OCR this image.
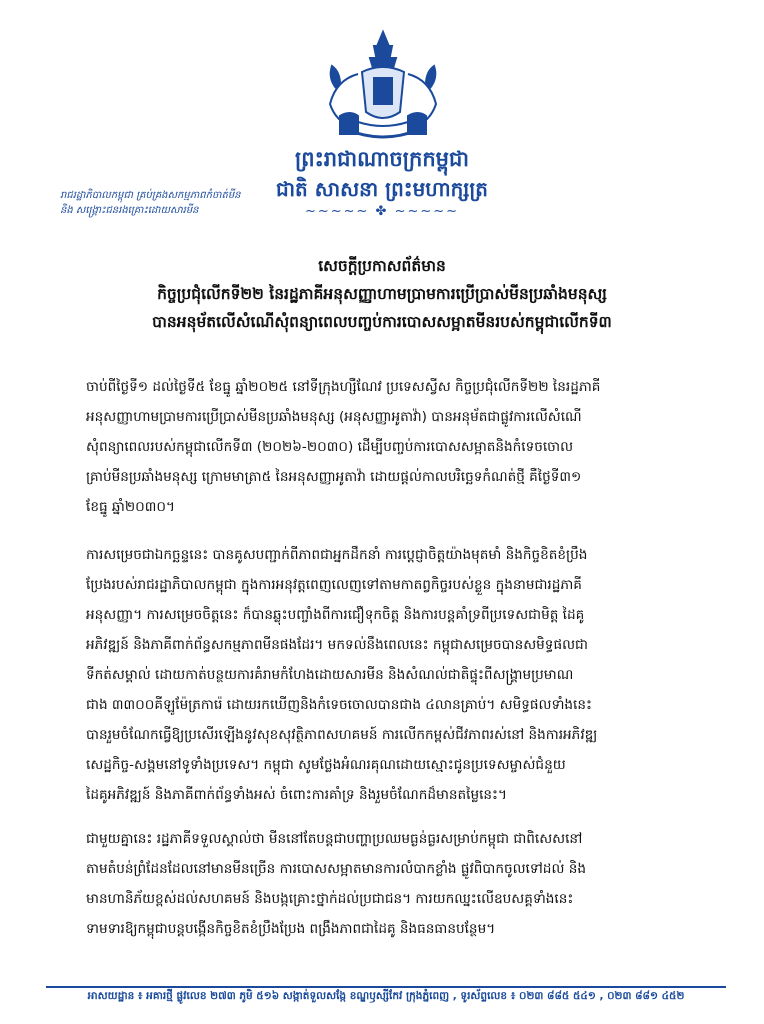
ព្រះរាជាណាចក្រកម្ពុជា
ជាតិ សាសនា ព្រះមហាក្សត្រ
~~~~~ ✤ ~~~~~
រាជរដ្ឋាភិបាលកម្ពុជា គ្រប់គ្រងសកម្មភាពកំចាត់មីន
និង សង្គ្រោះជនរងគ្រោះដោយសារមីន
សេចក្តីប្រកាសព័ត៌មាន
កិច្ចប្រជុំលើកទី២២ នៃរដ្ឋភាគីអនុសញ្ញាហាមប្រាមការប្រើប្រាស់មីនប្រឆាំងមនុស្ស
បានអនុម័តលើសំណើសុំពន្យាពេលបញ្ចប់ការបោសសម្អាតមីនរបស់កម្ពុជាលើកទី៣
ចាប់ពីថ្ងៃទី១ ដល់ថ្ងៃទី៥ ខែធ្នូ ឆ្នាំ២០២៥ នៅទីក្រុងហ្សឺណែវ ប្រទេសស្វីស កិច្ចប្រជុំលើកទី២២ នៃរដ្ឋភាគី
អនុសញ្ញាហាមប្រាមការប្រើប្រាស់មីនប្រឆាំងមនុស្ស (អនុសញ្ញាអូតាវ៉ា) បានអនុម័តជាផ្លូវការលើសំណើ
សុំពន្យាពេលរបស់កម្ពុជាលើកទី៣ (២០២៦-២០៣០) ដើម្បីបញ្ចប់ការបោសសម្អាតនិងកំទេចចោល
គ្រាប់មីនប្រឆាំងមនុស្ស ក្រោមមាត្រា៥ នៃអនុសញ្ញាអូតាវ៉ា ដោយផ្តល់កាលបរិច្ឆេទកំណត់ថ្មី គឺថ្ងៃទី៣១
ខែធ្នូ ឆ្នាំ២០៣០។
ការសម្រេចជាឯកច្ឆន្ទនេះ បានគូសបញ្ជាក់ពីភាពជាអ្នកដឹកនាំ ការប្តេជ្ញាចិត្តយ៉ាងមុតមាំ និងកិច្ចខិតខំប្រឹង
ប្រែងរបស់រាជរដ្ឋាភិបាលកម្ពុជា ក្នុងការអនុវត្តពេញលេញទៅតាមកាតព្វកិច្ចរបស់ខ្លួន ក្នុងនាមជារដ្ឋភាគី
អនុសញ្ញា។ ការសម្រេចចិត្តនេះ ក៏បានឆ្លុះបញ្ចាំងពីការជឿទុកចិត្ត និងការបន្តគាំទ្រពីប្រទេសជាមិត្ត ដៃគូ
អភិវឌ្ឍន៍ និងភាគីពាក់ព័ន្ធសកម្មភាពមីនផងដែរ។ មកទល់នឹងពេលនេះ កម្ពុជាសម្រេចបានសមិទ្ធផលជា
ទីកត់សម្គាល់ ដោយកាត់បន្ថយការគំរាមកំហែងដោយសារមីន និងសំណល់ជាតិផ្ទុះពីសង្គ្រាមប្រមាណ
ជាង ៣៣០០គីឡូម៉ែត្រការ៉េ ដោយរកឃើញនិងកំទេចចោលបានជាង ៤លានគ្រាប់។ សមិទ្ធផលទាំងនេះ
បានរួមចំណែកធ្វើឱ្យប្រសើរឡើងនូវសុខសុវត្ថិភាពសហគមន៍ ការលើកកម្ពស់ជីវភាពរស់នៅ និងការអភិវឌ្ឍ
សេដ្ឋកិច្ច-សង្គមនៅទូទាំងប្រទេស។ កម្ពុជា សូមថ្លែងអំណរគុណដោយស្មោះជូនប្រទេសម្ចាស់ជំនួយ
ដៃគូអភិវឌ្ឍន៍ និងភាគីពាក់ព័ន្ធទាំងអស់ ចំពោះការគាំទ្រ និងរួមចំណែកដ៏មានតម្លៃនេះ។
ជាមួយគ្នានេះ រដ្ឋភាគីទទួលស្គាល់ថា មីននៅតែបន្តជាបញ្ហាប្រឈមធ្ងន់ធ្ងរសម្រាប់កម្ពុជា ជាពិសេសនៅ
តាមតំបន់ព្រំដែនដែលនៅមានមីនច្រើន ការបោសសម្អាតមានការលំបាកខ្លាំង ផ្លូវពិបាកចូលទៅដល់ និង
មានហានិភ័យខ្ពស់ដល់សហគមន៍ និងបង្កគ្រោះថ្នាក់ដល់ប្រជាជន។ ការយកឈ្នះលើឧបសគ្គទាំងនេះ
ទាមទារឱ្យកម្ពុជាបន្តបង្កើនកិច្ចខិតខំប្រឹងប្រែង ពង្រឹងភាពជាដៃគូ និងធនធានបន្ថែម។
អាសយដ្ឋាន ៖ អគារថ្មី ផ្លូវលេខ ២៧៣ ភូមិ ៥១៦ សង្កាត់ទួលសង្កែ ខណ្ឌឫស្សីកែវ ក្រុងភ្នំពេញ , ទូរស័ព្ទលេខ ៖ ០២៣ ៨៨៥ ៥៤១ , ០២៣ ៨៨១ ៤៥២
